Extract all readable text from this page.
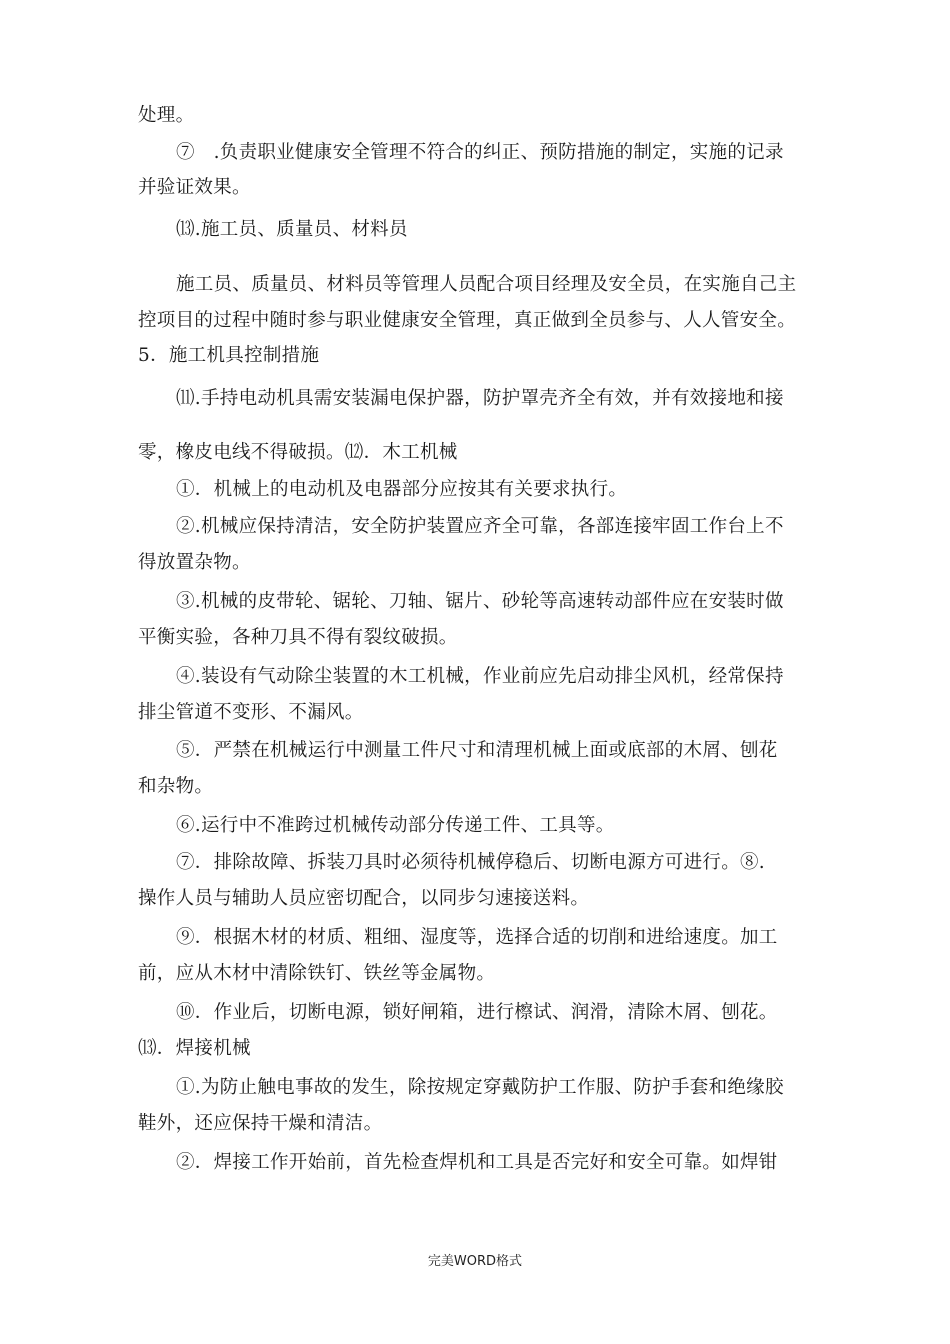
处理。
⑦　.负责职业健康安全管理不符合的纠正、预防措施的制定，实施的记录
并验证效果。
⒀.施工员、质量员、材料员
施工员、质量员、材料员等管理人员配合项目经理及安全员，在实施自己主
控项目的过程中随时参与职业健康安全管理，真正做到全员参与、人人管安全。
5．施工机具控制措施
⑾.手持电动机具需安装漏电保护器，防护罩壳齐全有效，并有效接地和接
零，橡皮电线不得破损。⑿．木工机械
①．机械上的电动机及电器部分应按其有关要求执行。
②.机械应保持清洁，安全防护装置应齐全可靠，各部连接牢固工作台上不
得放置杂物。
③.机械的皮带轮、锯轮、刀轴、锯片、砂轮等高速转动部件应在安装时做
平衡实验，各种刀具不得有裂纹破损。
④.装设有气动除尘装置的木工机械，作业前应先启动排尘风机，经常保持
排尘管道不变形、不漏风。
⑤．严禁在机械运行中测量工件尺寸和清理机械上面或底部的木屑、刨花
和杂物。
⑥.运行中不准跨过机械传动部分传递工件、工具等。
⑦．排除故障、拆装刀具时必须待机械停稳后、切断电源方可进行。⑧.
操作人员与辅助人员应密切配合，以同步匀速接送料。
⑨．根据木材的材质、粗细、湿度等，选择合适的切削和进给速度。加工
前，应从木材中清除铁钉、铁丝等金属物。
⑩．作业后，切断电源，锁好闸箱，进行檫试、润滑，清除木屑、刨花。
⒀．焊接机械
①.为防止触电事故的发生，除按规定穿戴防护工作服、防护手套和绝缘胶
鞋外，还应保持干燥和清洁。
②．焊接工作开始前，首先检查焊机和工具是否完好和安全可靠。如焊钳
完美WORD格式
